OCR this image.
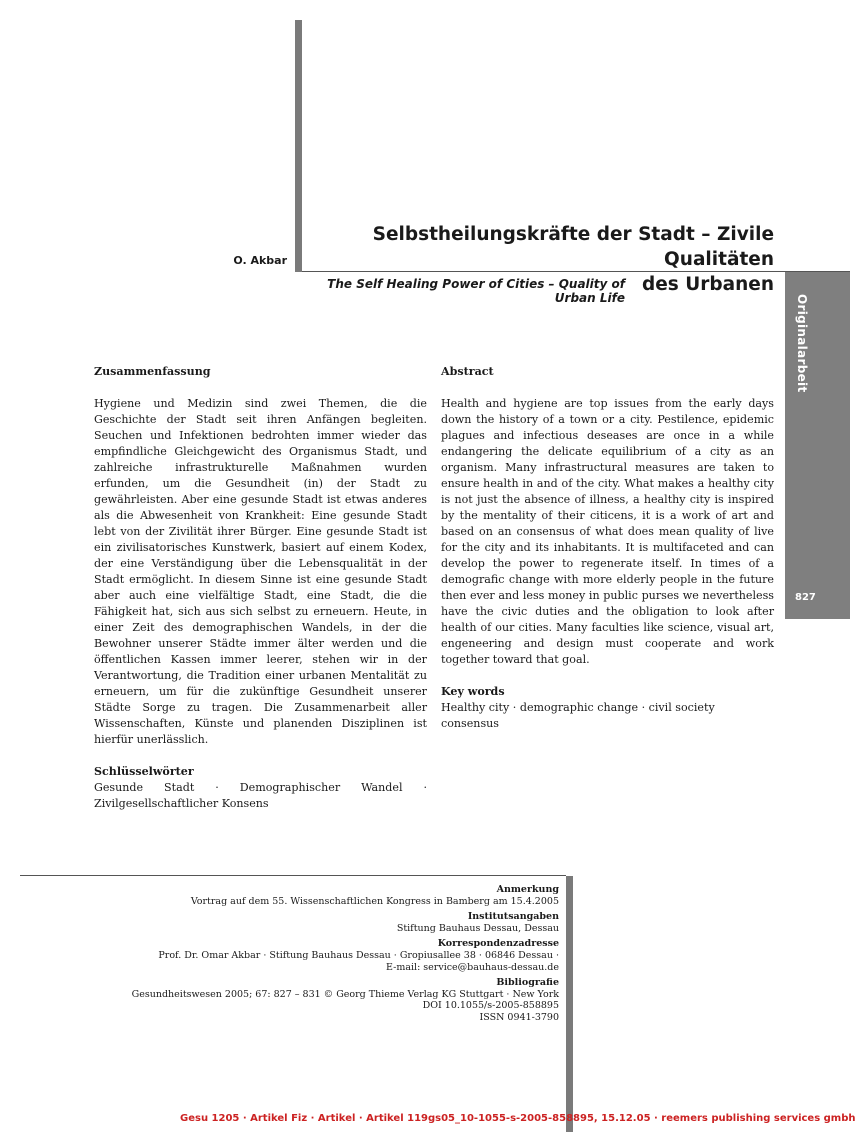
O. Akbar
Selbstheilungskräfte der Stadt – Zivile Qualitäten
des Urbanen
The Self Healing Power of Cities – Quality of Urban Life	Originalarbeit
827
Zusammenfassung
Hygiene und Medizin sind zwei Themen, die die Geschichte der Stadt seit ihren Anfängen begleiten. Seuchen und Infektionen bedrohten immer wieder das empfindliche Gleichgewicht des Organismus Stadt, und zahlreiche infrastrukturelle Maßnahmen wurden erfunden, um die Gesundheit (in) der Stadt zu gewährleisten. Aber eine gesunde Stadt ist etwas anderes als die Abwesenheit von Krankheit: Eine gesunde Stadt lebt von der Zivilität ihrer Bürger. Eine gesunde Stadt ist ein zivilisatorisches Kunstwerk, basiert auf einem Kodex, der eine Verständigung über die Lebensqualität in der Stadt ermöglicht. In diesem Sinne ist eine gesunde Stadt aber auch eine vielfältige Stadt, eine Stadt, die die Fähigkeit hat, sich aus sich selbst zu erneuern. Heute, in einer Zeit des demographischen Wandels, in der die Bewohner unserer Städte immer älter werden und die öffentlichen Kassen immer leerer, stehen wir in der Verantwortung, die Tradition einer urbanen Mentalität zu erneuern, um für die zukünftige Gesundheit unserer Städte Sorge zu tragen. Die Zusammenarbeit aller Wissenschaften, Künste und planenden Disziplinen ist hierfür unerlässlich.
Schlüsselwörter
Gesunde Stadt · Demographischer Wandel · Zivilgesellschaftlicher Konsens
Abstract
Health and hygiene are top issues from the early days down the history of a town or a city. Pestilence, epidemic plagues and infectious deseases are once in a while endangering the delicate equilibrium of a city as an organism. Many infrastructural measures are taken to ensure health in and of the city. What makes a healthy city is not just the absence of illness, a healthy city is inspired by the mentality of their citicens, it is a work of art and based on an consensus of what does mean quality of live for the city and its inhabitants. It is multifaceted and can develop the power to regenerate itself. In times of a demografic change with more elderly people in the future then ever and less money in public purses we nevertheless have the civic duties and the obligation to look after health of our cities. Many faculties like science, visual art, engeneering and design must cooperate and work together toward that goal.
Key words
Healthy city · demographic change · civil society consensus
Anmerkung
Vortrag auf dem 55. Wissenschaftlichen Kongress in Bamberg am 15.4.2005
Institutsangaben
Stiftung Bauhaus Dessau, Dessau
Korrespondenzadresse
Prof. Dr. Omar Akbar · Stiftung Bauhaus Dessau · Gropiusallee 38 · 06846 Dessau ·
E-mail: service@bauhaus-dessau.de
Bibliografie
Gesundheitswesen 2005; 67: 827 – 831 © Georg Thieme Verlag KG Stuttgart · New York
DOI 10.1055/s-2005-858895
ISSN 0941-3790
Gesu 1205 · Artikel Fiz · Artikel · Artikel 119gs05_10-1055-s-2005-858895, 15.12.05 · reemers publishing services gmbh
